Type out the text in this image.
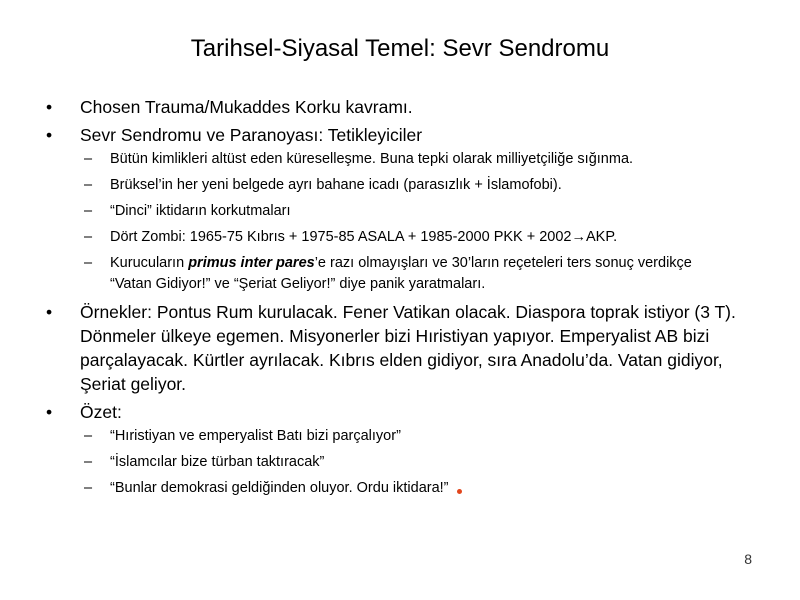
Tarihsel-Siyasal Temel: Sevr Sendromu
• Chosen Trauma/Mukaddes Korku kavramı.
• Sevr Sendromu ve Paranoyası: Tetikleyiciler
– Bütün kimlikleri altüst eden küreselleşme. Buna tepki olarak milliyetçiliğe sığınma.
– Brüksel’in her yeni belgede ayrı bahane icadı (parasızlık + İslamofobi).
– “Dinci” iktidarın korkutmaları
– Dört Zombi: 1965-75 Kıbrıs + 1975-85 ASALA + 1985-2000 PKK + 2002→AKP.
– Kurucuların primus inter pares’e razı olmayışları ve 30’ların reçeteleri ters sonuç verdikçe “Vatan Gidiyor!” ve “Şeriat Geliyor!” diye panik yaratmaları.
• Örnekler: Pontus Rum kurulacak. Fener Vatikan olacak. Diaspora toprak istiyor (3 T). Dönmeler ülkeye egemen. Misyonerler bizi Hıristiyan yapıyor. Emperyalist AB bizi parçalayacak. Kürtler ayrılacak. Kıbrıs elden gidiyor, sıra Anadolu’da. Vatan gidiyor, Şeriat geliyor.
• Özet:
– “Hıristiyan ve emperyalist Batı bizi parçalıyor”
– “İslamcılar bize türban taktıracak”
– “Bunlar demokrasi geldiğinden oluyor. Ordu iktidara!”
8
